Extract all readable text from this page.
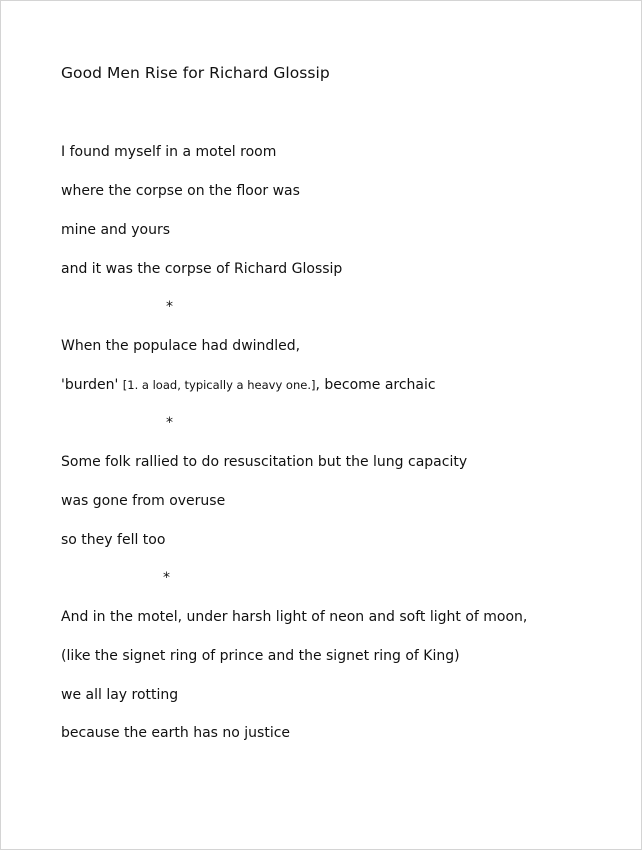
Good Men Rise for Richard Glossip

I found myself in a motel room

where the corpse on the floor was

mine and yours

and it was the corpse of Richard Glossip

*

When the populace had dwindled,

'burden' [1. a load, typically a heavy one.], become archaic

*

Some folk rallied to do resuscitation but the lung capacity

was gone from overuse

so they fell too

*

And in the motel, under harsh light of neon and soft light of moon,

(like the signet ring of prince and the signet ring of King)

we all lay rotting

because the earth has no justice
